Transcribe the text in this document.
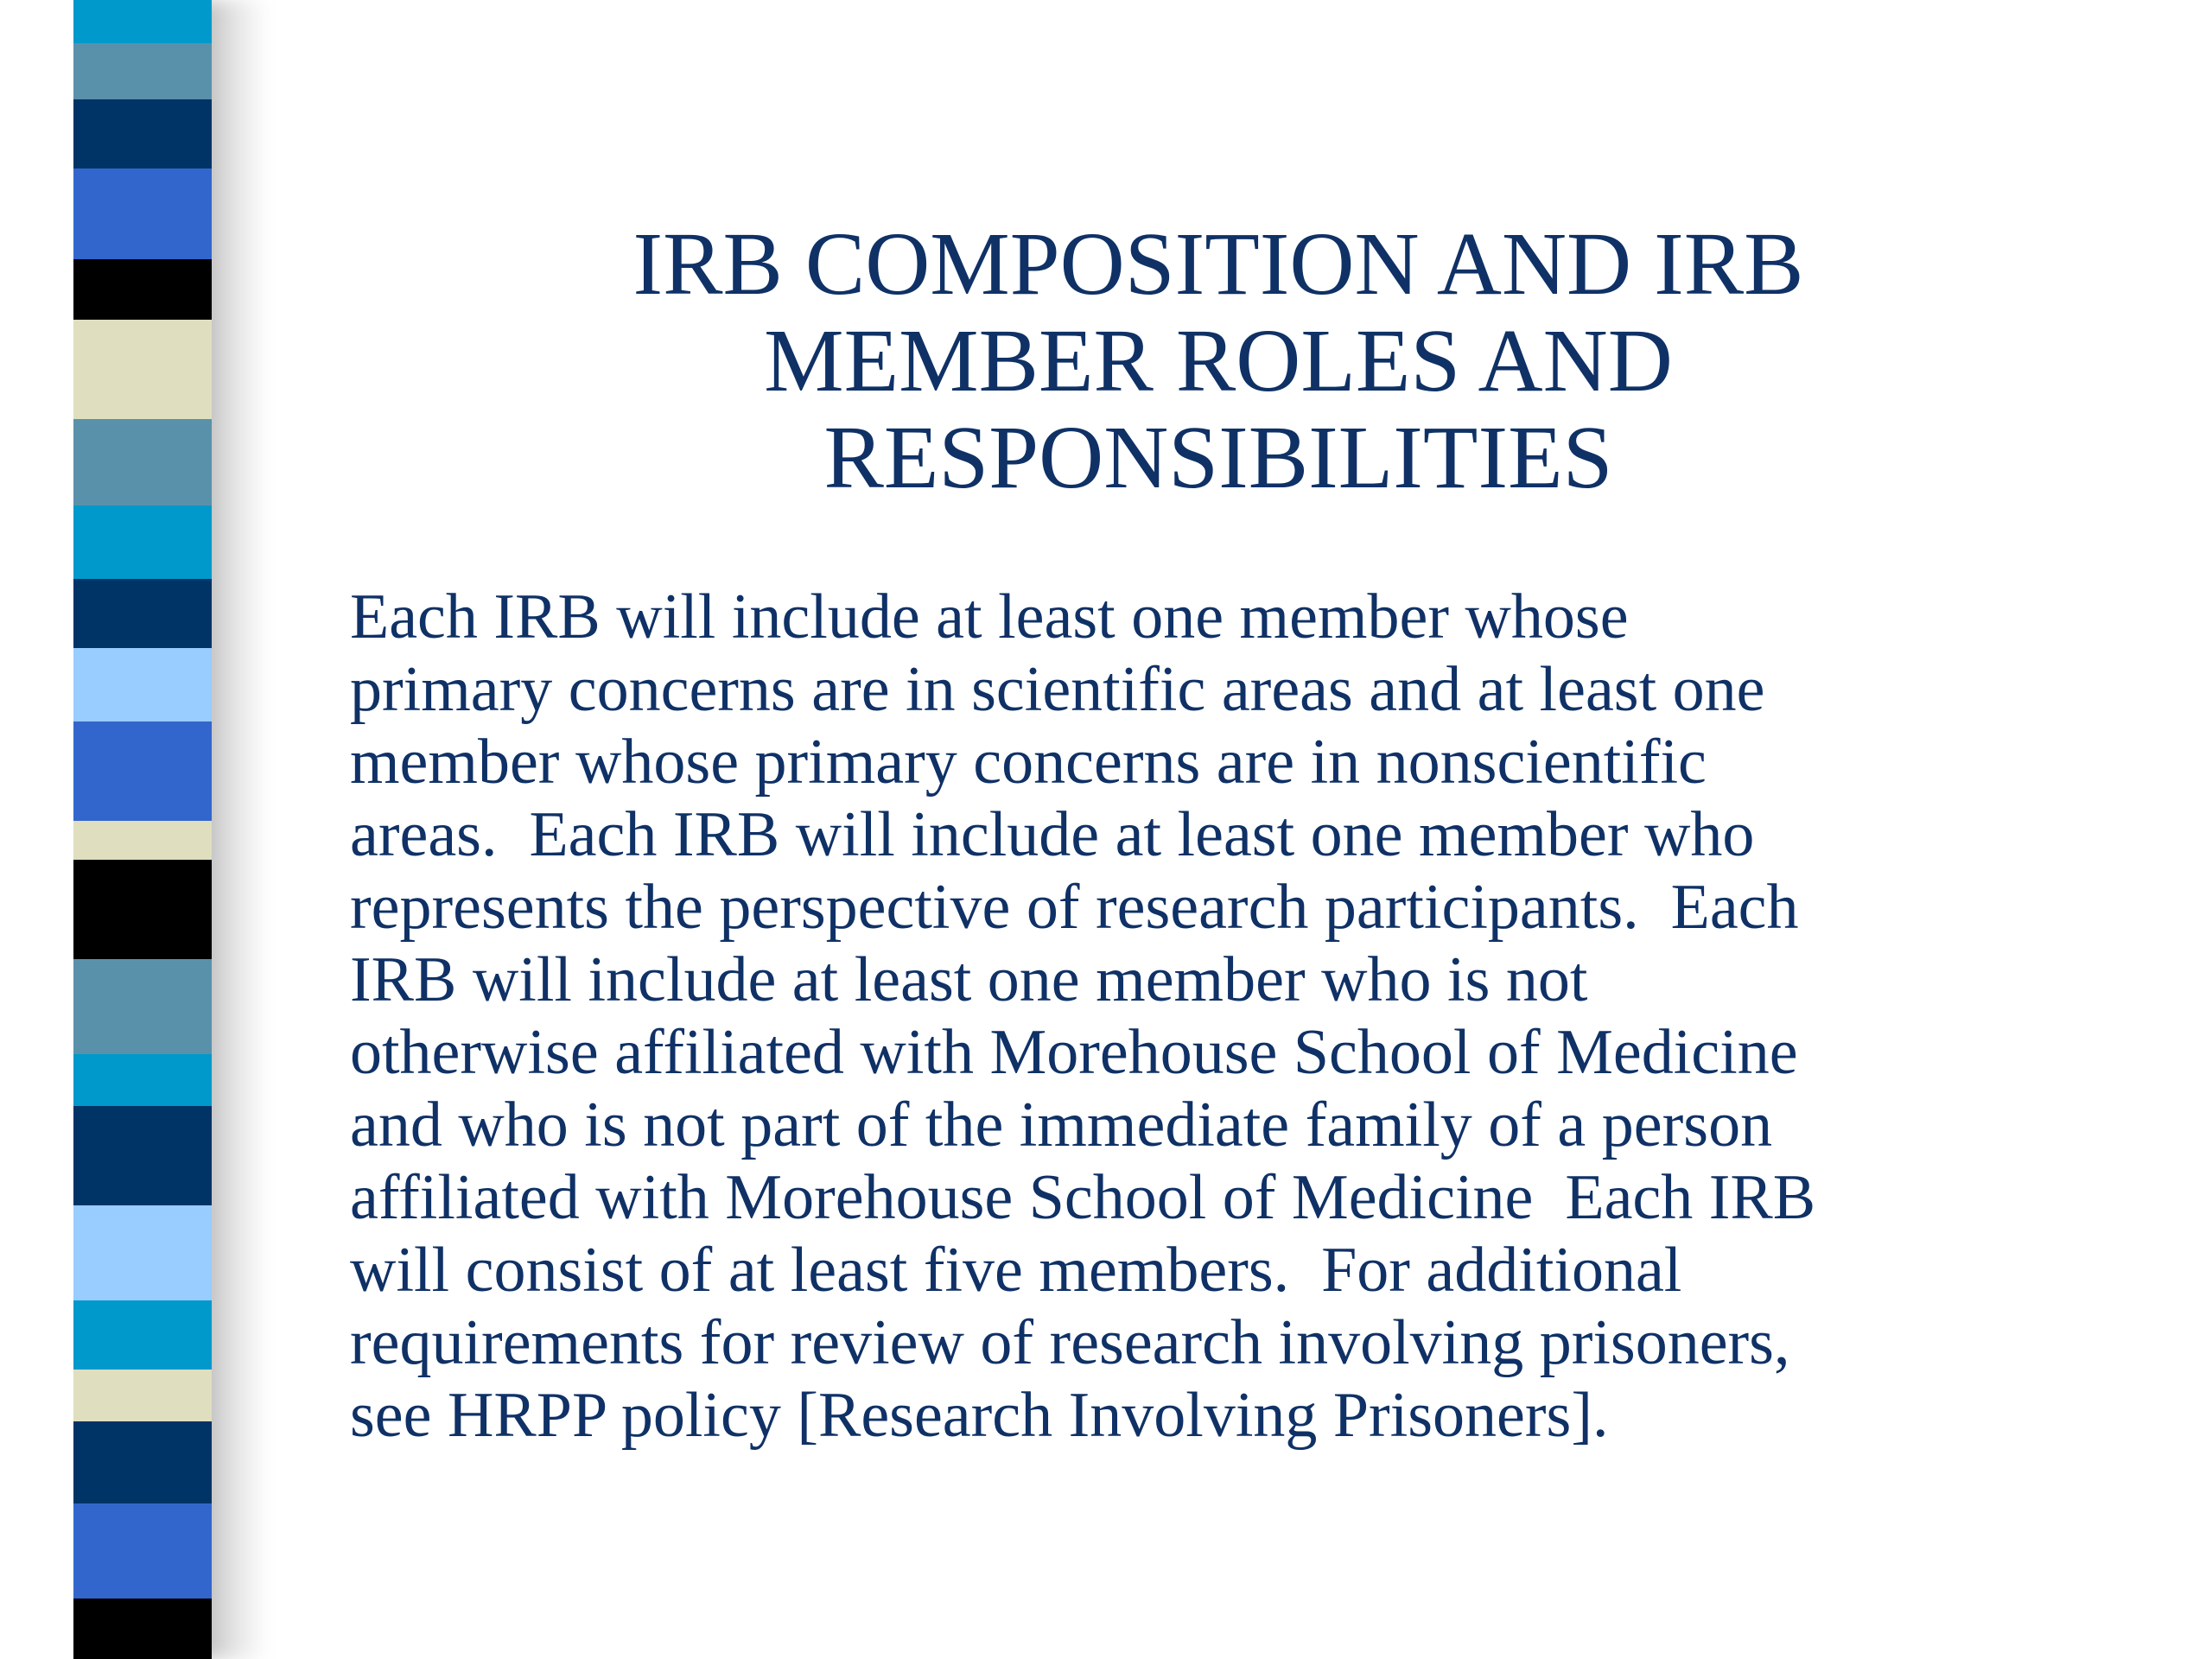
IRB COMPOSITION AND IRB
MEMBER ROLES AND
RESPONSIBILITIES
Each IRB will include at least one member whose
primary concerns are in scientific areas and at least one
member whose primary concerns are in nonscientific
areas.  Each IRB will include at least one member who
represents the perspective of research participants.  Each
IRB will include at least one member who is not
otherwise affiliated with Morehouse School of Medicine
and who is not part of the immediate family of a person
affiliated with Morehouse School of Medicine  Each IRB
will consist of at least five members.  For additional
requirements for review of research involving prisoners,
see HRPP policy [Research Involving Prisoners].
